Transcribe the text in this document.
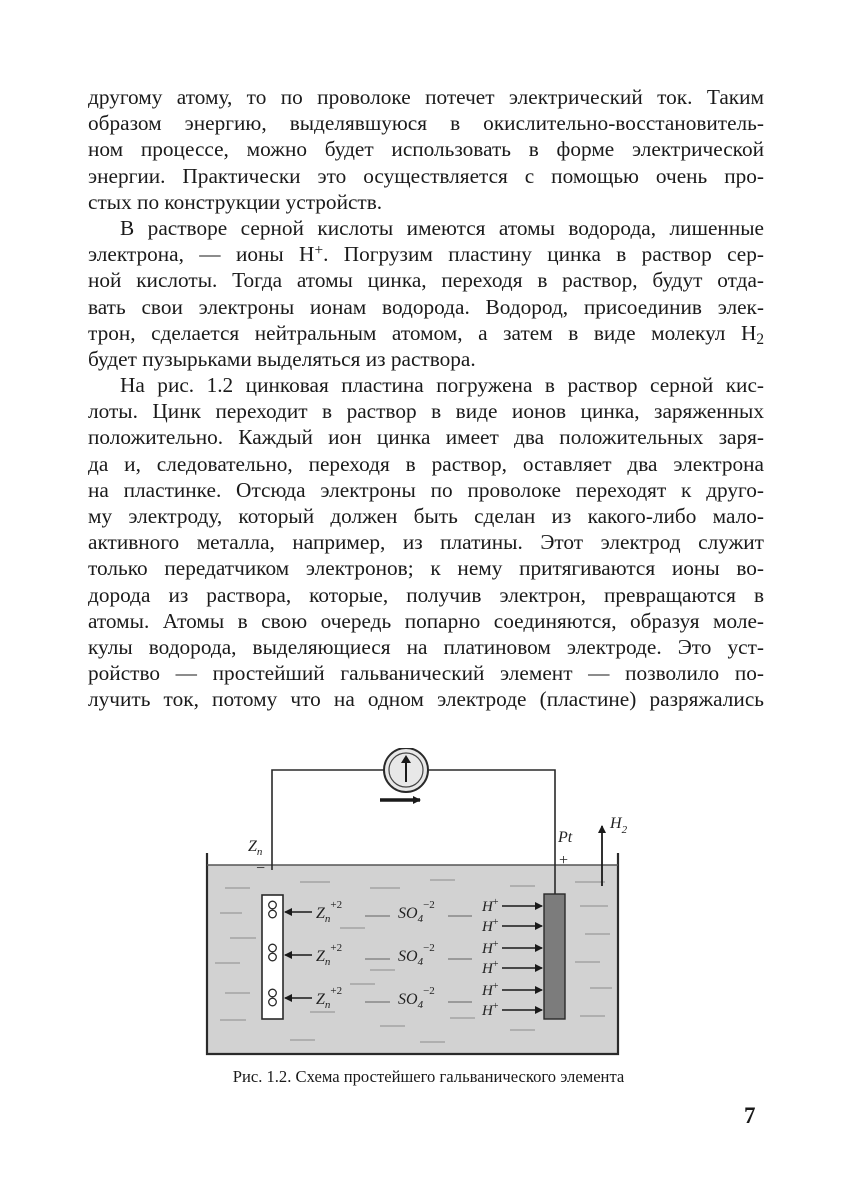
другому атому, то по проволоке потечет электрический ток. Таким
образом энергию, выделявшуюся в окислительно-восстановитель-
ном процессе, можно будет использовать в форме электрической
энергии. Практически это осуществляется с помощью очень про-
стых по конструкции устройств.
В растворе серной кислоты имеются атомы водорода, лишенные
электрона, — ионы H+. Погрузим пластину цинка в раствор сер-
ной кислоты. Тогда атомы цинка, переходя в раствор, будут отда-
вать свои электроны ионам водорода. Водород, присоединив элек-
трон, сделается нейтральным атомом, а затем в виде молекул $H_2$
будет пузырьками выделяться из раствора.
На рис. 1.2 цинковая пластина погружена в раствор серной кис-
лоты. Цинк переходит в раствор в виде ионов цинка, заряженных
положительно. Каждый ион цинка имеет два положительных заря-
да и, следовательно, переходя в раствор, оставляет два электрона
на пластинке. Отсюда электроны по проволоке переходят к друго-
му электроду, который должен быть сделан из какого-либо мало-
активного металла, например, из платины. Этот электрод служит
только передатчиком электронов; к нему притягиваются ионы во-
дорода из раствора, которые, получив электрон, превращаются в
атомы. Атомы в свою очередь попарно соединяются, образуя моле-
кулы водорода, выделяющиеся на платиновом электроде. Это уст-
ройство — простейший гальванический элемент — позволило по-
лучить ток, потому что на одном электроде (пластине) разряжались
$Z_n$
−
Pt
+
$H_2$
$Z_n^{+2}$
$Z_n^{+2}$
$Z_n^{+2}$
$SO_4^{-2}$
$SO_4^{-2}$
$SO_4^{-2}$
H+
H+
H+
H+
H+
H+
Рис. 1.2. Схема простейшего гальванического элемента
7
